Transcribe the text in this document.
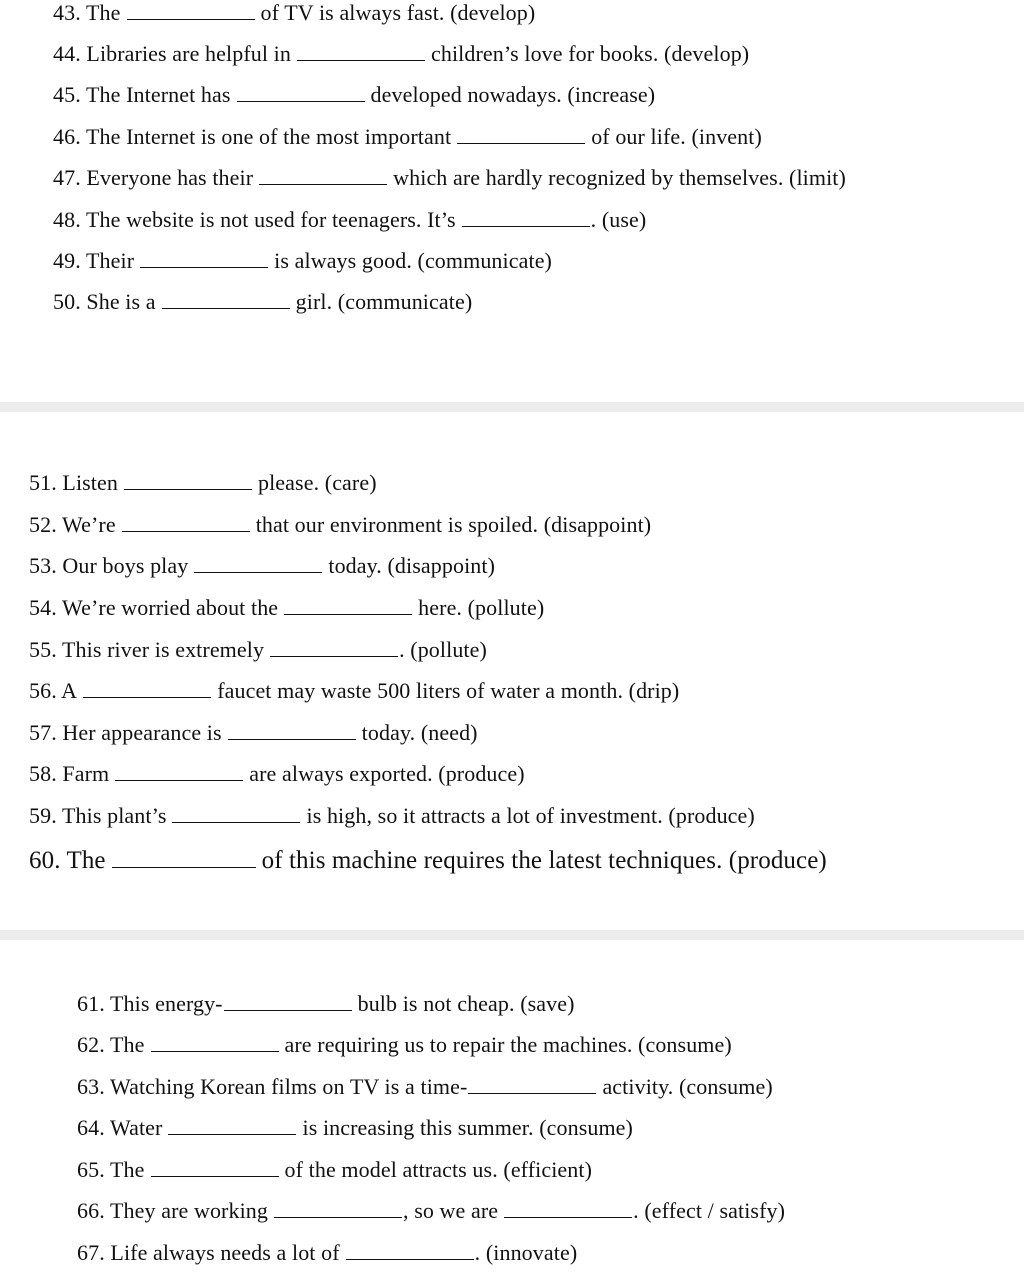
43. The	of TV is always fast. (develop)
44. Libraries are helpful in	children’s love for books. (develop)
45. The Internet has	developed nowadays. (increase)
46. The Internet is one of the most important	of our life. (invent)
47. Everyone has their	which are hardly recognized by themselves. (limit)
48. The website is not used for teenagers. It’s	. (use)
49. Their	is always good. (communicate)
50. She is a	girl. (communicate)
51. Listen	please. (care)
52. We’re	that our environment is spoiled. (disappoint)
53. Our boys play	today. (disappoint)
54. We’re worried about the	here. (pollute)
55. This river is extremely	. (pollute)
56. A	faucet may waste 500 liters of water a month. (drip)
57. Her appearance is	today. (need)
58. Farm	are always exported. (produce)
59. This plant’s	is high, so it attracts a lot of investment. (produce)
60. The	of this machine requires the latest techniques. (produce)
61. This energy-	bulb is not cheap. (save)
62. The	are requiring us to repair the machines. (consume)
63. Watching Korean films on TV is a time-	activity. (consume)
64. Water	is increasing this summer. (consume)
65. The	of the model attracts us. (efficient)
66. They are working	, so we are	. (effect / satisfy)
67. Life always needs a lot of	. (innovate)
